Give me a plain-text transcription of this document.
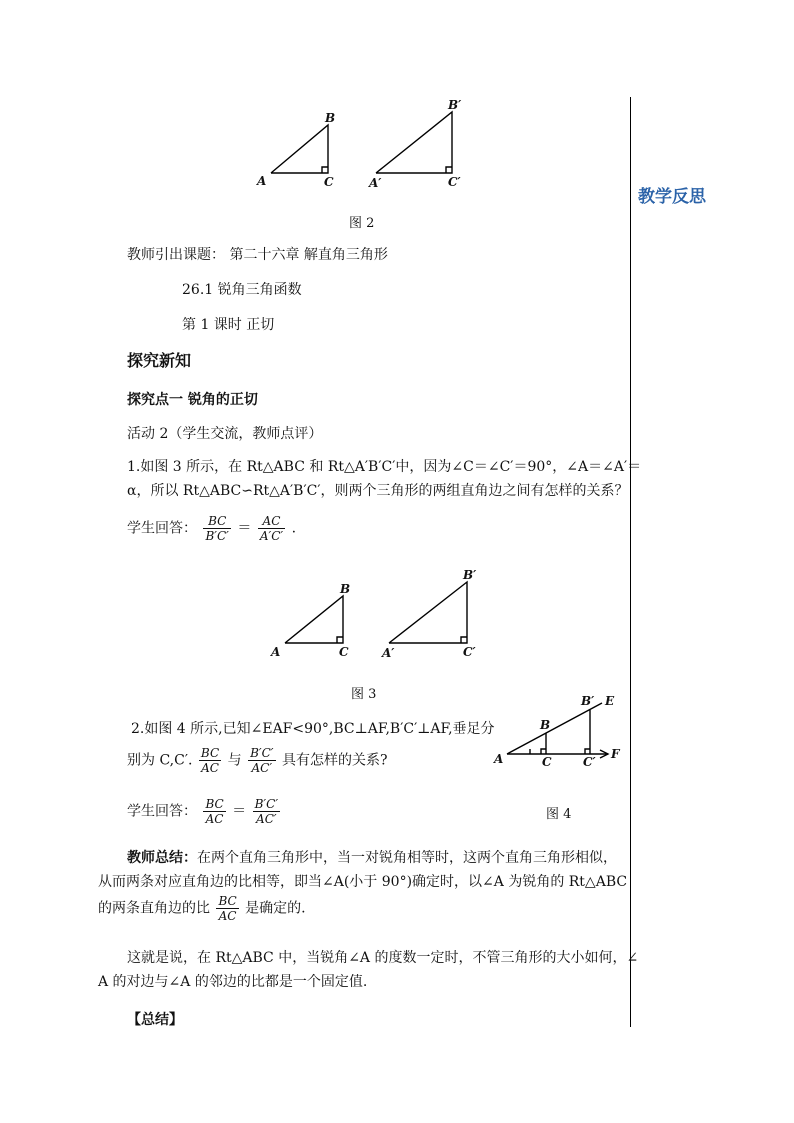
教学反思
A
B
C	A′
B′
C′
图 2
教师引出课题： 第二十六章 解直角三角形
26.1 锐角三角函数
第 1 课时 正切
探究新知
探究点一 锐角的正切
活动 2（学生交流，教师点评）
1.如图 3 所示，在 Rt△ABC 和 Rt△A′B′C′中，因为∠C＝∠C′＝90°，∠A＝∠A′＝
α，所以 Rt△ABC∽Rt△A′B′C′，则两个三角形的两组直角边之间有怎样的关系？
学生回答： $\frac{BC}{B'C'} = \frac{AC}{A'C'}$ .
A
B
C	A′
B′
C′
图 3
2.如图 4 所示,已知∠EAF<90°,BC⊥AF,B′C′⊥AF,垂足分
别为 C,C′. $\frac{BC}{AC}$ 与 $\frac{B'C'}{AC'}$ 具有怎样的关系?	A
B
C
B′
C′
E
F
图 4
学生回答： $\frac{BC}{AC} = \frac{B'C'}{AC'}$
教师总结：在两个直角三角形中，当一对锐角相等时，这两个直角三角形相似，
从而两条对应直角边的比相等，即当∠A(小于 90°)确定时，以∠A 为锐角的 Rt△ABC
的两条直角边的比 $\frac{BC}{AC}$ 是确定的.
这就是说，在 Rt△ABC 中，当锐角∠A 的度数一定时，不管三角形的大小如何，∠
A 的对边与∠A 的邻边的比都是一个固定值.
【总结】
